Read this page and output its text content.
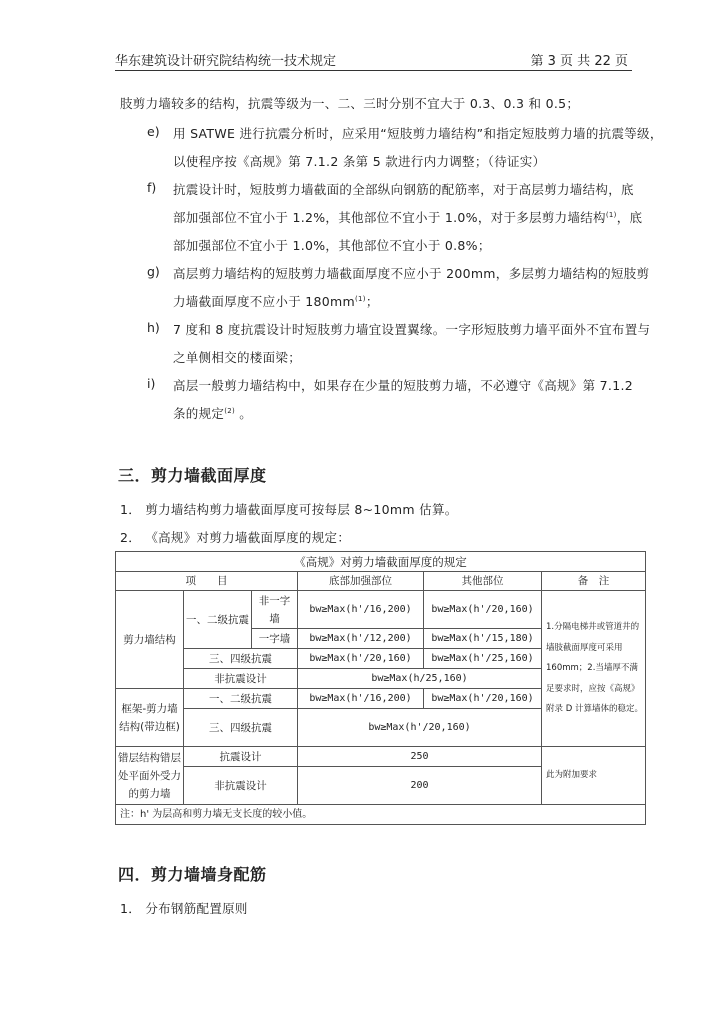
华东建筑设计研究院结构统一技术规定	第 3 页 共 22 页
肢剪力墙较多的结构，抗震等级为一、二、三时分别不宜大于 0.3、0.3 和 0.5；
e) 用 SATWE 进行抗震分析时，应采用“短肢剪力墙结构”和指定短肢剪力墙的抗震等级，
以使程序按《高规》第 7.1.2 条第 5 款进行内力调整；（待证实）
f) 抗震设计时，短肢剪力墙截面的全部纵向钢筋的配筋率，对于高层剪力墙结构，底
部加强部位不宜小于 1.2%，其他部位不宜小于 1.0%，对于多层剪力墙结构$^{(1)}$，底
部加强部位不宜小于 1.0%，其他部位不宜小于 0.8%；
g) 高层剪力墙结构的短肢剪力墙截面厚度不应小于 200mm，多层剪力墙结构的短肢剪
力墙截面厚度不应小于 $180mm^{(1)}$；
h) 7 度和 8 度抗震设计时短肢剪力墙宜设置翼缘。一字形短肢剪力墙平面外不宜布置与
之单侧相交的楼面梁；
i) 高层一般剪力墙结构中，如果存在少量的短肢剪力墙，不必遵守《高规》第 7.1.2
条的规定$^{(2)}$ 。
三．剪力墙截面厚度
1． 剪力墙结构剪力墙截面厚度可按每层 8~10mm 估算。
2． 《高规》对剪力墙截面厚度的规定：
《高规》对剪力墙截面厚度的规定					
项　　目			底部加强部位	其他部位	备　注
剪力墙结构	一、二级抗震	非一字墙	bw≥Max(h'/16,200)	bw≥Max(h'/20,160)	1.分隔电梯井或管道井的墙肢截面厚度可采用 160mm；2.当墙厚不满足要求时，应按《高规》附录 D 计算墙体的稳定。
		一字墙	bw≥Max(h'/12,200)	bw≥Max(h'/15,180)	
	三、四级抗震		bw≥Max(h'/20,160)	bw≥Max(h'/25,160)	
	非抗震设计		bw≥Max(h/25,160)		
框架-剪力墙结构(带边框)	一、二级抗震		bw≥Max(h'/16,200)	bw≥Max(h'/20,160)	
	三、四级抗震		bw≥Max(h'/20,160)		
错层结构错层处平面外受力的剪力墙	抗震设计		250		此为附加要求
	非抗震设计		200		
注：h' 为层高和剪力墙无支长度的较小值。					
四．剪力墙墙身配筋
1． 分布钢筋配置原则
